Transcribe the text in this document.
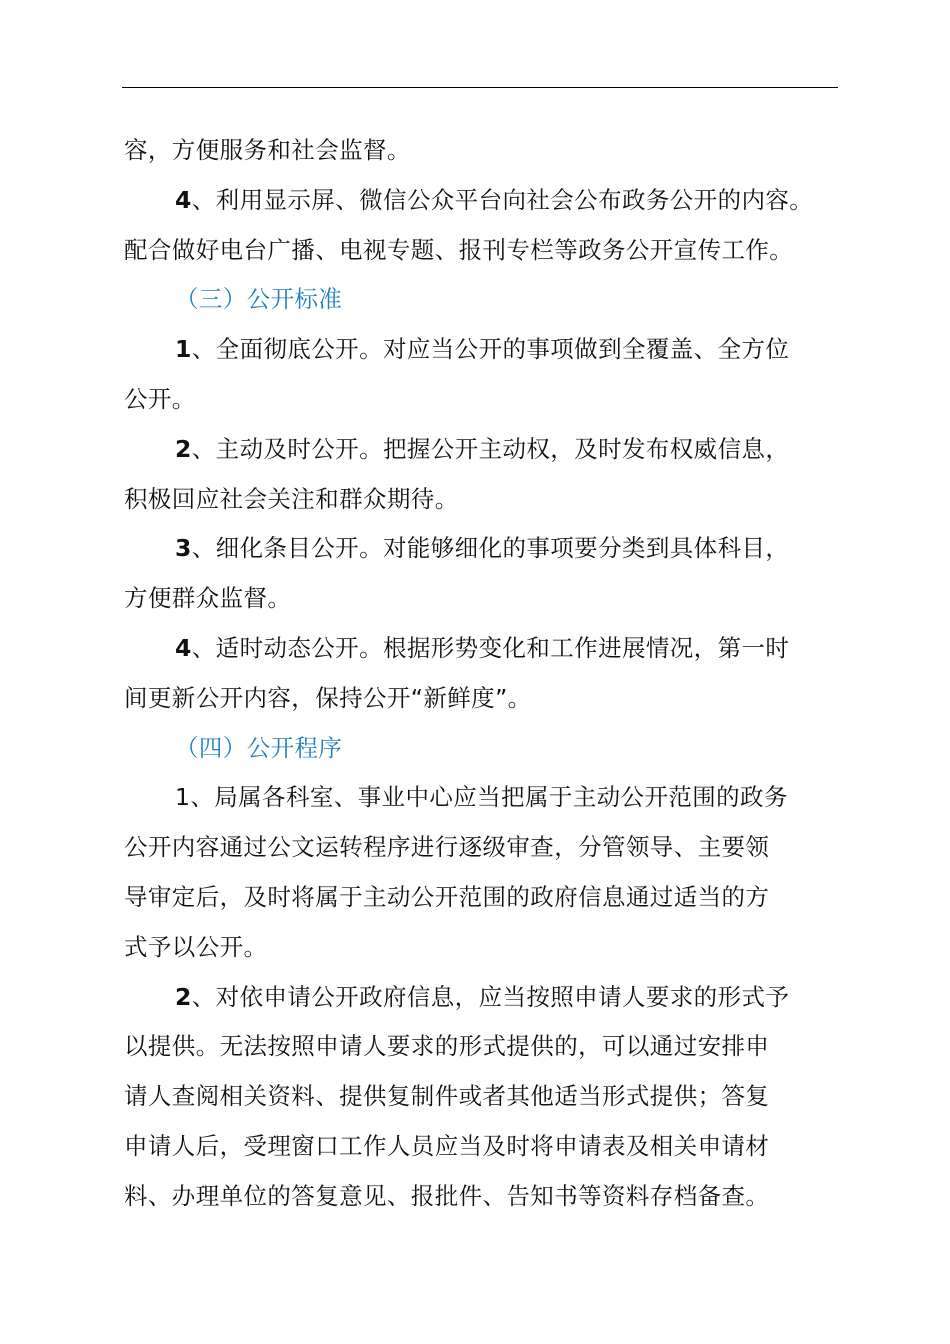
容，方便服务和社会监督。
4、利用显示屏、微信公众平台向社会公布政务公开的内容。
配合做好电台广播、电视专题、报刊专栏等政务公开宣传工作。
（三）公开标准
1、全面彻底公开。对应当公开的事项做到全覆盖、全方位
公开。
2、主动及时公开。把握公开主动权，及时发布权威信息，
积极回应社会关注和群众期待。
3、细化条目公开。对能够细化的事项要分类到具体科目，
方便群众监督。
4、适时动态公开。根据形势变化和工作进展情况，第一时
间更新公开内容，保持公开“新鲜度”。
（四）公开程序
1、局属各科室、事业中心应当把属于主动公开范围的政务
公开内容通过公文运转程序进行逐级审查，分管领导、主要领
导审定后，及时将属于主动公开范围的政府信息通过适当的方
式予以公开。
2、对依申请公开政府信息，应当按照申请人要求的形式予
以提供。无法按照申请人要求的形式提供的，可以通过安排申
请人查阅相关资料、提供复制件或者其他适当形式提供；答复
申请人后，受理窗口工作人员应当及时将申请表及相关申请材
料、办理单位的答复意见、报批件、告知书等资料存档备查。
